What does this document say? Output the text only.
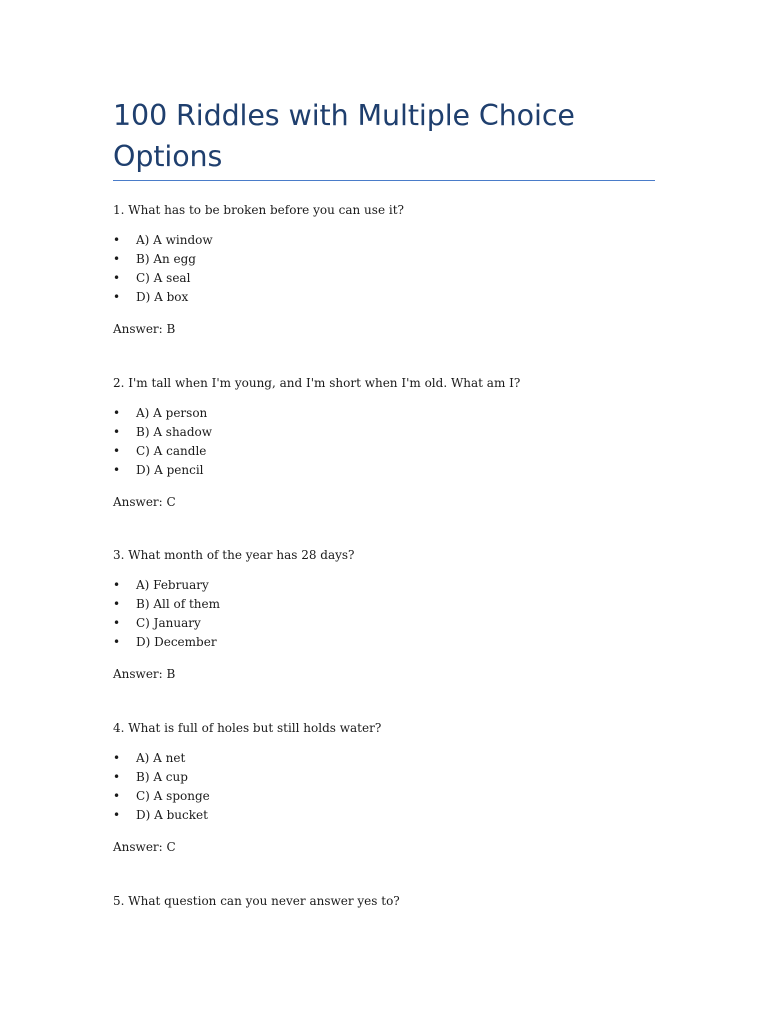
100 Riddles with Multiple Choice Options
1. What has to be broken before you can use it?
• A) A window
• B) An egg
• C) A seal
• D) A box
Answer: B
2. I'm tall when I'm young, and I'm short when I'm old. What am I?
• A) A person
• B) A shadow
• C) A candle
• D) A pencil
Answer: C
3. What month of the year has 28 days?
• A) February
• B) All of them
• C) January
• D) December
Answer: B
4. What is full of holes but still holds water?
• A) A net
• B) A cup
• C) A sponge
• D) A bucket
Answer: C
5. What question can you never answer yes to?
